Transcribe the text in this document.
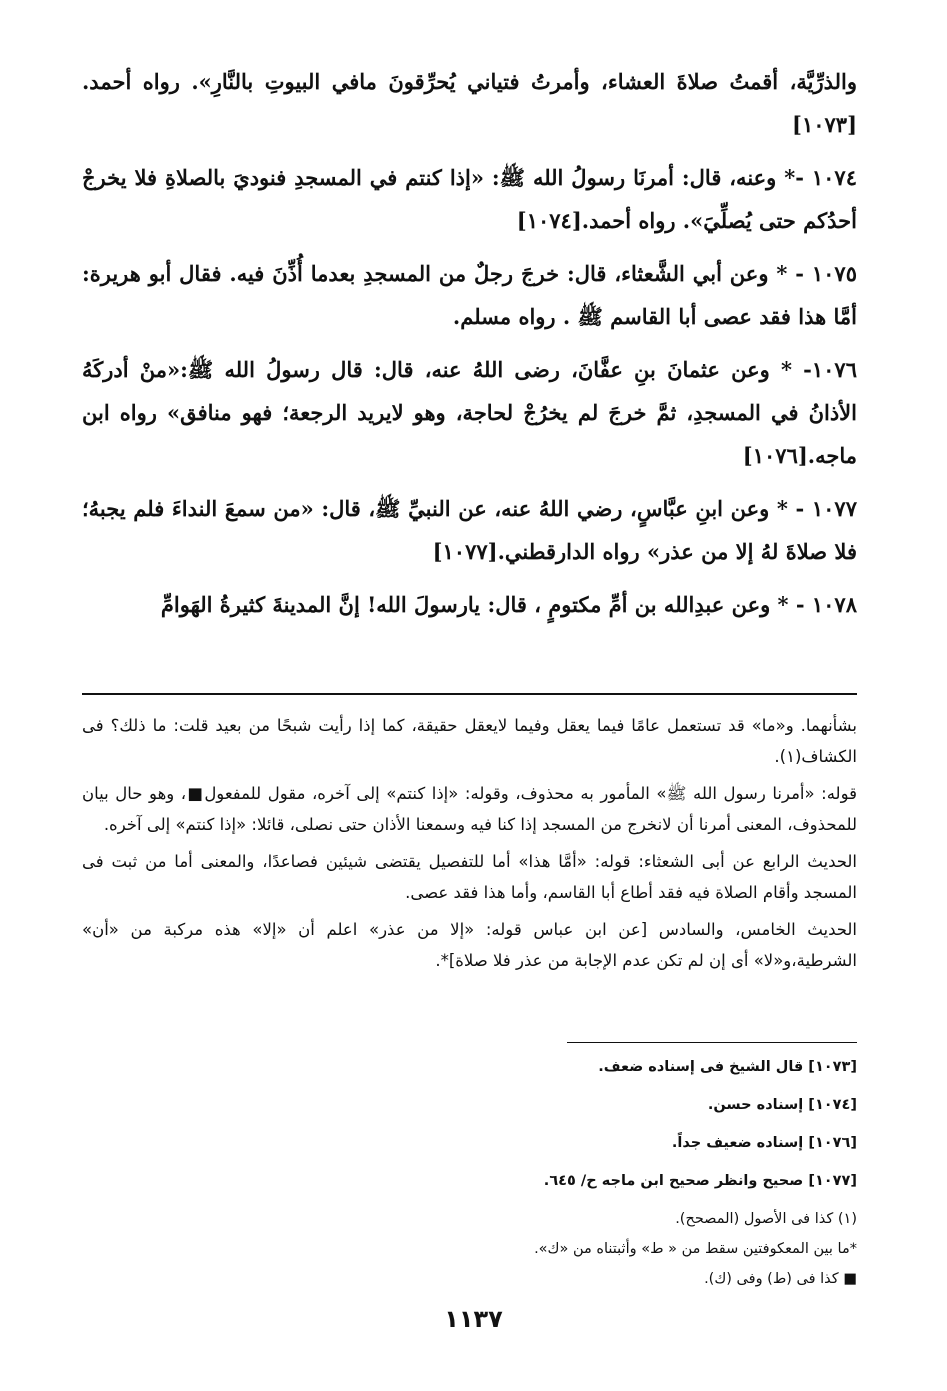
والذرِّيَّة، أقمتُ صلاةَ العشاء، وأمرتُ فتياني يُحرِّقونَ مافي البيوتِ بالنَّارِ». رواه أحمد. [١٠٧٣]

١٠٧٤ -* وعنه، قال: أمرنَا رسولُ الله ﷺ: «إذا كنتم في المسجدِ فنوديَ بالصلاةِ فلا يخرجْ أحدُكم حتى يُصلِّيَ». رواه أحمد.[١٠٧٤]

١٠٧٥ - * وعن أبي الشَّعثاء، قال: خرجَ رجلٌ من المسجدِ بعدما أُذِّنَ فيه. فقال أبو هريرة: أمَّا هذا فقد عصى أبا القاسم ﷺ . رواه مسلم.

١٠٧٦- * وعن عثمانَ بنِ عفَّانَ، رضى اللهُ عنه، قال: قال رسولُ الله ﷺ:«منْ أدركَهُ الأذانُ في المسجدِ، ثمَّ خرجَ لم يخرُجْ لحاجة، وهو لايريد الرجعة؛ فهو منافق» رواه ابن ماجه.[١٠٧٦]

١٠٧٧ - * وعن ابنِ عبَّاسٍ، رضي اللهُ عنه، عن النبيِّ ﷺ، قال: «من سمعَ النداءَ فلم يجبهُ؛ فلا صلاةَ لهُ إلا من عذر» رواه الدارقطني.[١٠٧٧]

١٠٧٨ - * وعن عبدِالله بن أمِّ مكتومٍ ، قال: يارسولَ الله! إنَّ المدينةَ كثيرةُ الهَوامِّ

بشأنهما. و«ما» قد تستعمل عامًا فيما يعقل وفيما لايعقل حقيقة، كما إذا رأيت شبحًا من بعيد قلت: ما ذلك؟ فى الكشاف(١).

قوله: «أمرنا رسول الله ﷺ» المأمور به محذوف، وقوله: «إذا كنتم» إلى آخره، مقول للمفعول■، وهو حال بيان للمحذوف، المعنى أمرنا أن لانخرج من المسجد إذا كنا فيه وسمعنا الأذان حتى نصلى، قائلا: «إذا كنتم» إلى آخره.

الحديث الرابع عن أبى الشعثاء: قوله: «أمَّا هذا» أما للتفصيل يقتضى شيئين فصاعدًا، والمعنى أما من ثبت فى المسجد وأقام الصلاة فيه فقد أطاع أبا القاسم، وأما هذا فقد عصى.

الحديث الخامس، والسادس [عن ابن عباس قوله: «إلا من عذر» اعلم أن «إلا» هذه مركبة من «أن» الشرطية،و«لا» أى إن لم تكن عدم الإجابة من عذر فلا صلاة]*.

[١٠٧٣] قال الشيخ فى إسناده ضعف.
[١٠٧٤] إسناده حسن.
[١٠٧٦] إسناده ضعيف جداً.
[١٠٧٧] صحيح وانظر صحيح ابن ماجه ح/ ٦٤٥.
(١) كذا فى الأصول (المصحح).
*ما بين المعكوفتين سقط من « ط» وأثبتناه من «ك».
■ كذا فى (ط) وفى (ك).
١١٣٧
